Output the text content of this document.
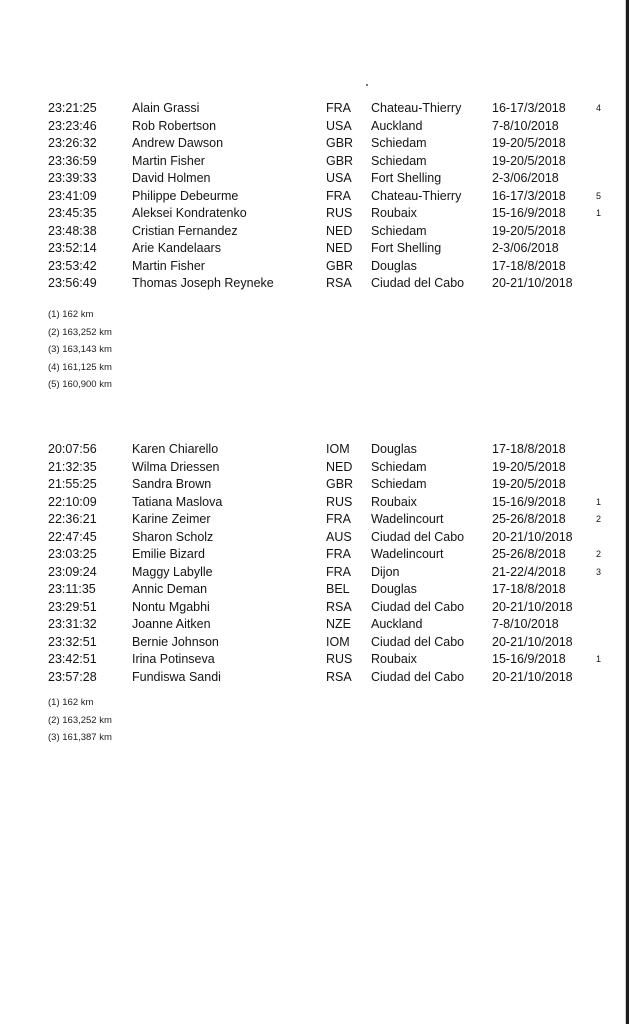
23:21:25	Alain Grassi	FRA Chateau-Thierry 16-17/3/2018	4
23:23:46	Rob Robertson	USA Auckland	7-8/10/2018
23:26:32	Andrew Dawson	GBR Schiedam	19-20/5/2018
23:36:59	Martin Fisher	GBR Schiedam	19-20/5/2018
23:39:33	David Holmen	USA Fort Shelling	2-3/06/2018
23:41:09	Philippe Debeurme	FRA Chateau-Thierry 16-17/3/2018	5
23:45:35	Aleksei Kondratenko	RUS Roubaix	15-16/9/2018	1
23:48:38	Cristian Fernandez	NED Schiedam	19-20/5/2018
23:52:14	Arie Kandelaars	NED Fort Shelling	2-3/06/2018
23:53:42	Martin Fisher	GBR Douglas	17-18/8/2018
23:56:49	Thomas Joseph Reyneke	RSA Ciudad del Cabo 20-21/10/2018
(1) 162 km
(2) 163,252 km
(3) 163,143 km
(4) 161,125 km
(5) 160,900 km
20:07:56	Karen Chiarello	IOM Douglas	17-18/8/2018
21:32:35	Wilma Driessen	NED Schiedam	19-20/5/2018
21:55:25	Sandra Brown	GBR Schiedam	19-20/5/2018
22:10:09	Tatiana Maslova	RUS Roubaix	15-16/9/2018	1
22:36:21	Karine Zeimer	FRA Wadelincourt	25-26/8/2018	2
22:47:45	Sharon Scholz	AUS Ciudad del Cabo 20-21/10/2018
23:03:25	Emilie Bizard	FRA Wadelincourt	25-26/8/2018	2
23:09:24	Maggy Labylle	FRA Dijon	21-22/4/2018	3
23:11:35	Annic Deman	BEL Douglas	17-18/8/2018
23:29:51	Nontu Mgabhi	RSA Ciudad del Cabo 20-21/10/2018
23:31:32	Joanne Aitken	NZE Auckland	7-8/10/2018
23:32:51	Bernie Johnson	IOM Ciudad del Cabo 20-21/10/2018
23:42:51	Irina Potinseva	RUS Roubaix	15-16/9/2018	1
23:57:28	Fundiswa Sandi	RSA Ciudad del Cabo 20-21/10/2018
(1) 162 km
(2) 163,252 km
(3) 161,387 km
